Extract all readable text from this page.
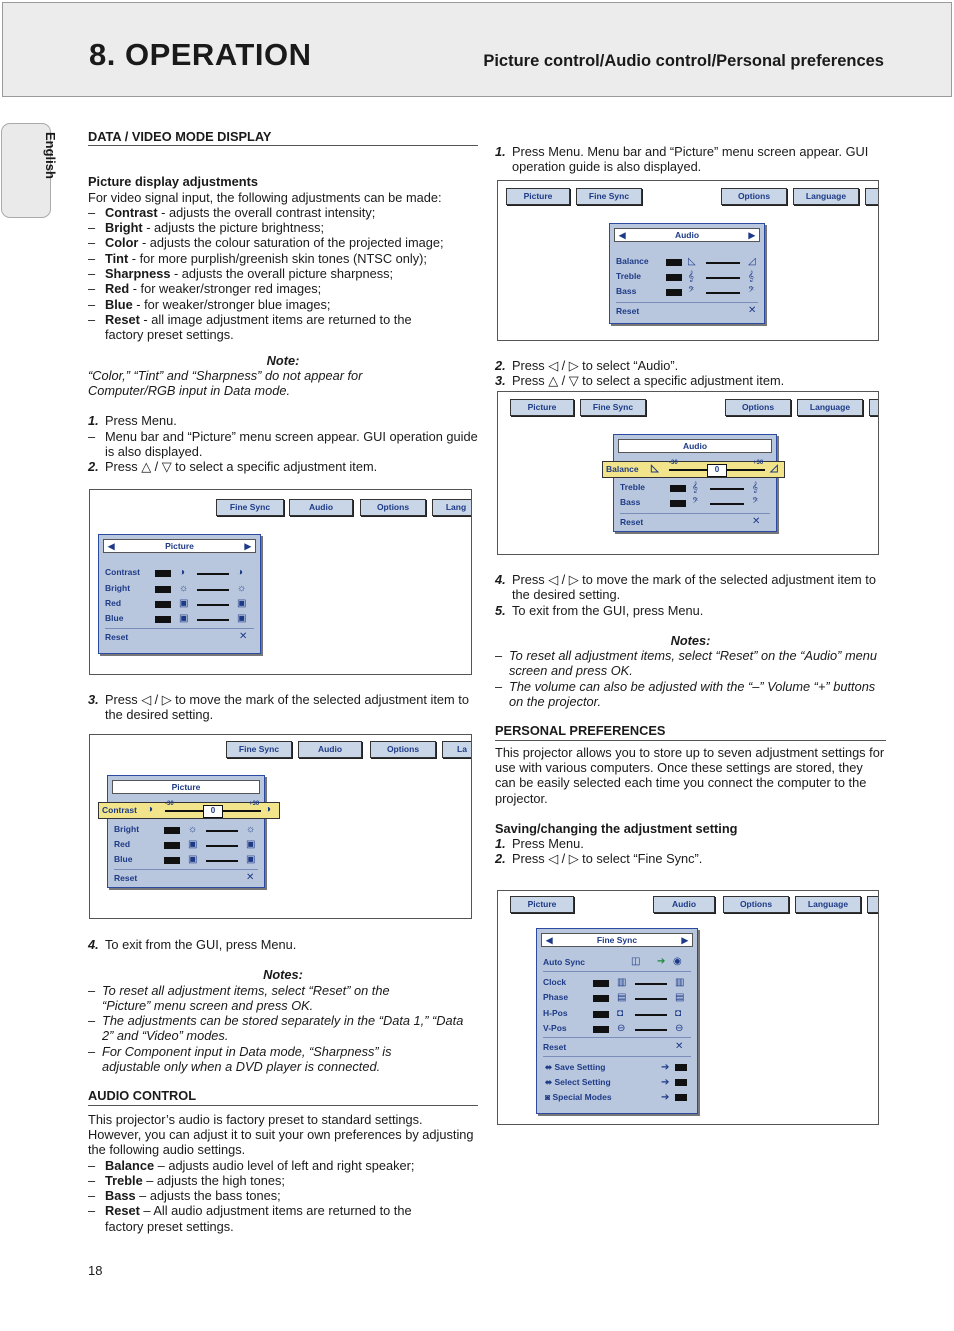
8. OPERATION	Picture control/Audio control/Personal preferences
English DATA / VIDEO MODE DISPLAY
Picture display adjustments
For video signal input, the following adjustments can be made:
– Contrast - adjusts the overall contrast intensity;
– Bright - adjusts the picture brightness;
– Color - adjusts the colour saturation of the projected image;
– Tint - for more purplish/greenish skin tones (NTSC only);
– Sharpness - adjusts the overall picture sharpness;
– Red - for weaker/stronger red images;
– Blue - for weaker/stronger blue images;
– Reset - all image adjustment items are returned to the factory preset settings.
Note:
“Color,” “Tint” and “Sharpness” do not appear for Computer/RGB input in Data mode.
1. Press Menu.
– Menu bar and “Picture” menu screen appear. GUI operation guide is also displayed.
2. Press △ / ▽ to select a specific adjustment item.
Fine Sync	Audio	Options	Lang
◀	Picture	▶
Contrast
Bright
Red
Blue
◑
☼
▣
▣
◑
☼
▣
▣
Reset	✕
3. Press ◁ / ▷ to move the mark of the selected adjustment item to the desired setting.
Fine Sync	Audio	Options	La
Picture
Bright
Red
Blue
☼
▣
▣
☼
▣
▣
Reset	✕
Contrast ◑ -30	+30
0	◑
4. To exit from the GUI, press Menu.
Notes:
– To reset all adjustment items, select “Reset” on the “Picture” menu screen and press OK.
– The adjustments can be stored separately in the “Data 1,” “Data 2” and “Video” modes.
– For Component input in Data mode, “Sharpness” is adjustable only when a DVD player is connected.
AUDIO CONTROL
This projector’s audio is factory preset to standard settings. However, you can adjust it to suit your own preferences by adjusting the following audio settings.
– Balance – adjusts audio level of left and right speaker;
– Treble – adjusts the high tones;
– Bass – adjusts the bass tones;
– Reset – All audio adjustment items are returned to the factory preset settings.
1. Press Menu. Menu bar and “Picture” menu screen appear. GUI operation guide is also displayed.
Picture	Fine Sync	Options	Language
◀	Audio	▶
Balance
Treble
Bass
◺
𝄞
𝄢
◿
𝄞
𝄢
Reset	✕
2. Press ◁ / ▷ to select “Audio”.
3. Press △ / ▽ to select a specific adjustment item.
Picture	Fine Sync	Options	Language
Audio
Treble
Bass
𝄞
𝄢
𝄞
𝄢
Reset	✕
Balance ◺ -30	+30
0	◿
4. Press ◁ / ▷ to move the mark of the selected adjustment item to the desired setting.
5. To exit from the GUI, press Menu.
Notes:
– To reset all adjustment items, select “Reset” on the “Audio” menu screen and press OK.
– The volume can also be adjusted with the “–” Volume “+” buttons on the projector.
PERSONAL PREFERENCES
This projector allows you to store up to seven adjustment settings for use with various computers. Once these settings are stored, they can be easily selected each time you connect the computer to the projector.
Saving/changing the adjustment setting
1. Press Menu.
2. Press ◁ / ▷ to select “Fine Sync”.
Picture	Audio	Options	Language
◀	Fine Sync	▶
Auto Sync	◫ ➔ ◉
Clock
Phase
H-Pos
V-Pos
▥
▤
◘
⊖
▥
▤
◘
⊖
Reset	✕
⬌ Save Setting
⬌ Select Setting
◙ Special Modes
➔
➔
➔
18
